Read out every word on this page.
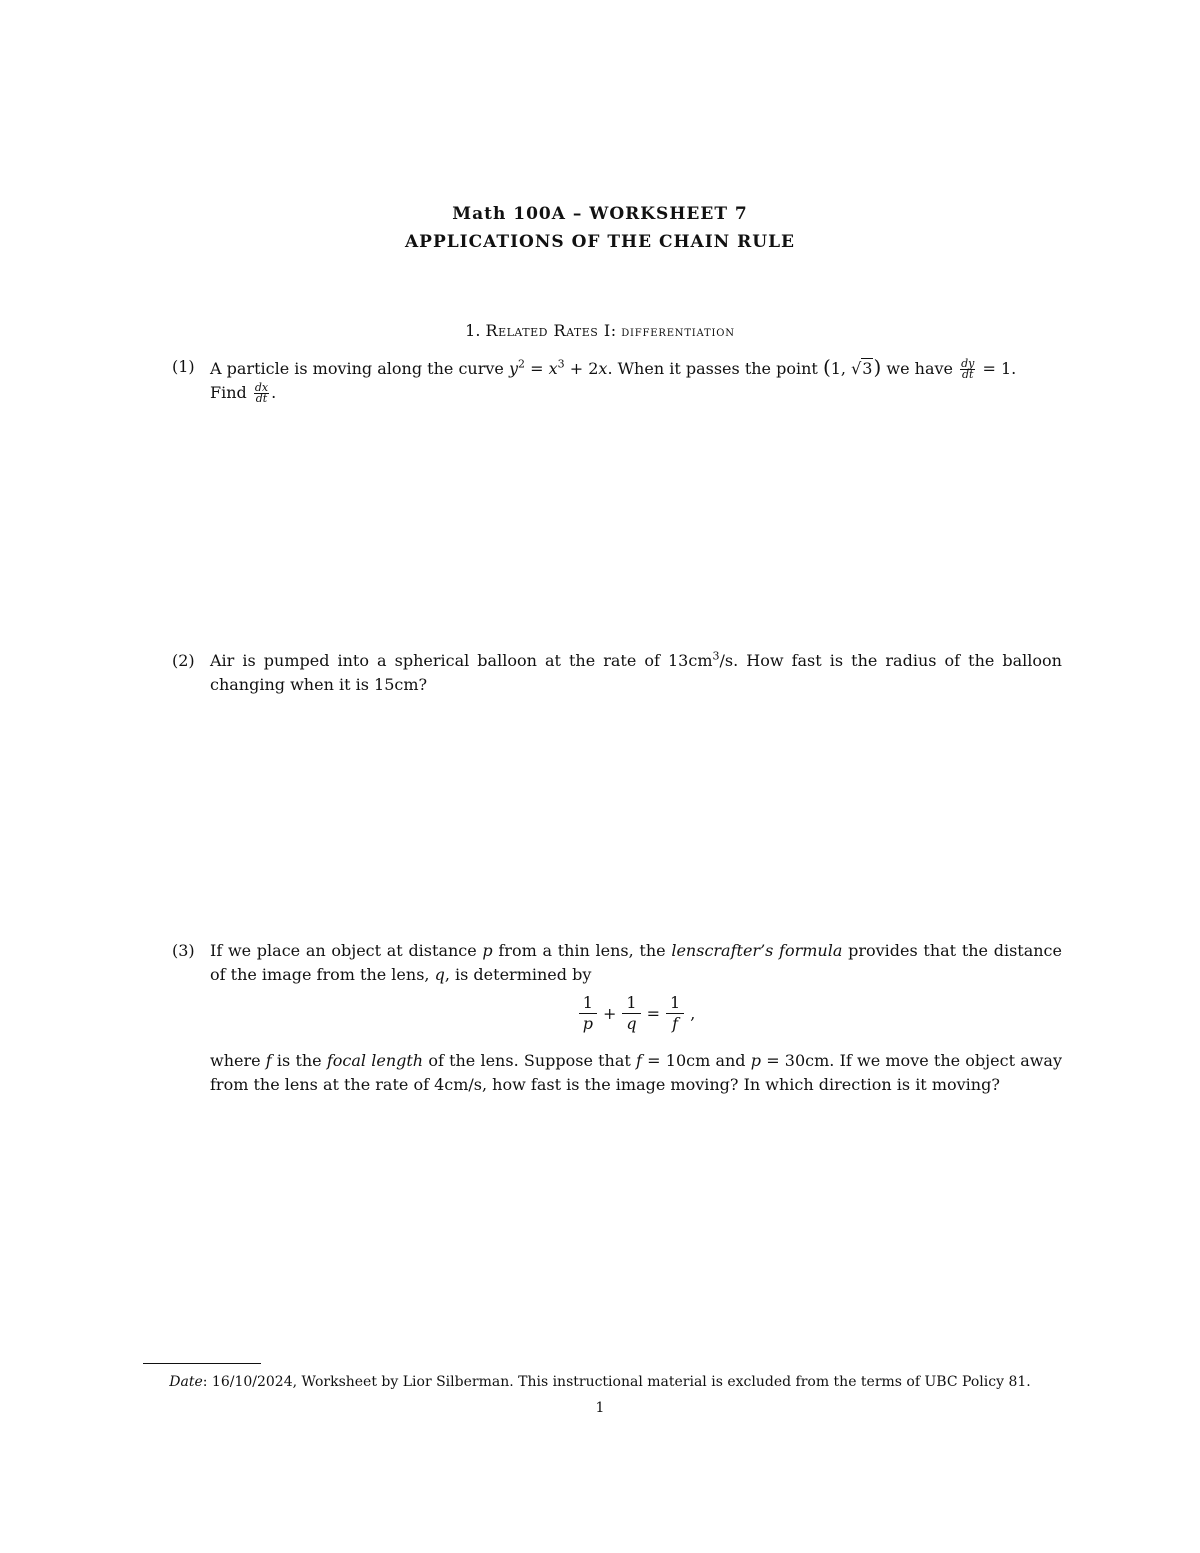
Math 100A – WORKSHEET 7
APPLICATIONS OF THE CHAIN RULE
1. Related Rates I: differentiation
(1) A particle is moving along the curve $y^2 = x^3 + 2x$. When it passes the point (1, √3) we have $\frac{dy}{dt} = 1$.
Find $\frac{dx}{dt}$ .
(2) Air is pumped into a spherical balloon at the rate of $13cm^3/s$. How fast is the radius of the balloon changing when it is 15cm?
(3) If we place an object at distance p from a thin lens, the lenscrafter’s formula provides that the distance of the image from the lens, q, is determined by
$\frac{1}{p} + \frac{1}{q} = \frac{1}{f}$ ,
where f is the focal length of the lens. Suppose that f = 10cm and p = 30cm. If we move the object away from the lens at the rate of 4cm/s, how fast is the image moving? In which direction is it moving?
Date: 16/10/2024, Worksheet by Lior Silberman. This instructional material is excluded from the terms of UBC Policy 81.
1
